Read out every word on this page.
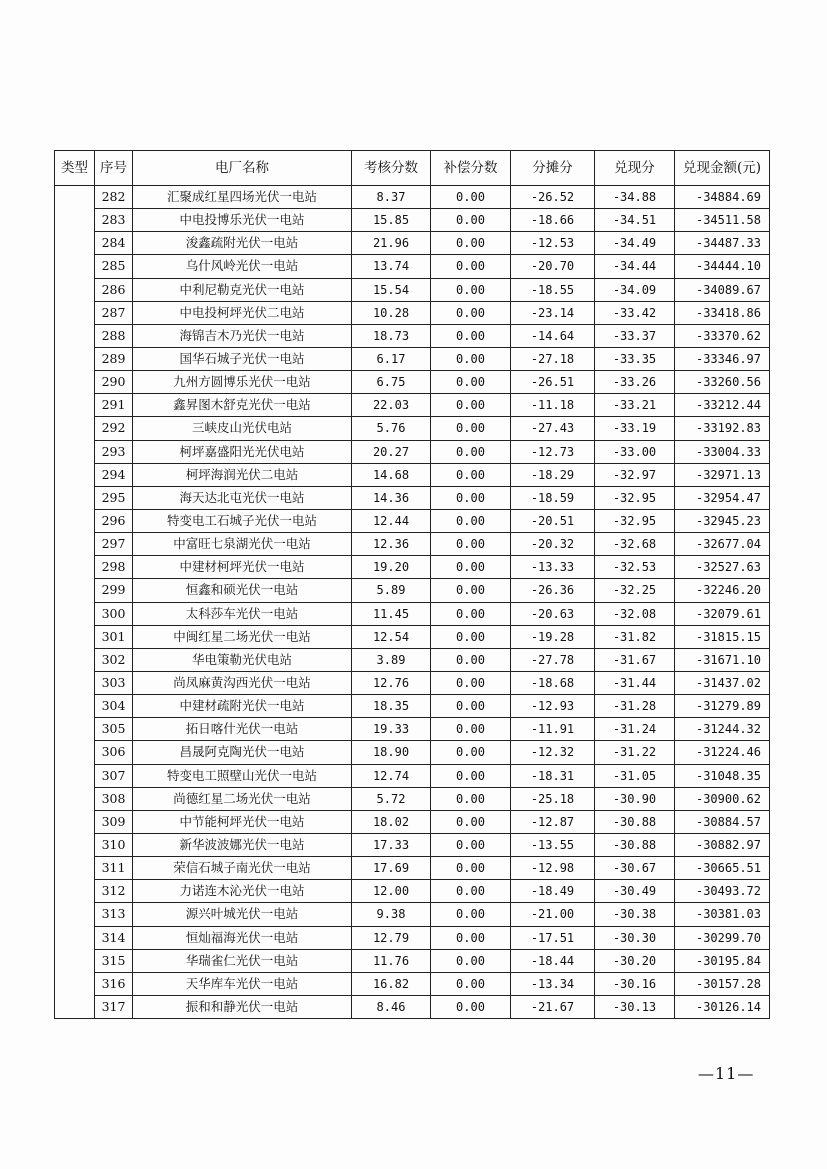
类型	序号	电厂名称	考核分数	补偿分数	分摊分	兑现分	兑现金额(元)
	282	汇聚成红星四场光伏一电站	8.37	0.00	-26.52	-34.88	-34884.69
	283	中电投博乐光伏一电站	15.85	0.00	-18.66	-34.51	-34511.58
	284	浚鑫疏附光伏一电站	21.96	0.00	-12.53	-34.49	-34487.33
	285	乌什风岭光伏一电站	13.74	0.00	-20.70	-34.44	-34444.10
	286	中利尼勒克光伏一电站	15.54	0.00	-18.55	-34.09	-34089.67
	287	中电投柯坪光伏二电站	10.28	0.00	-23.14	-33.42	-33418.86
	288	海锦吉木乃光伏一电站	18.73	0.00	-14.64	-33.37	-33370.62
	289	国华石城子光伏一电站	6.17	0.00	-27.18	-33.35	-33346.97
	290	九州方圆博乐光伏一电站	6.75	0.00	-26.51	-33.26	-33260.56
	291	鑫昇图木舒克光伏一电站	22.03	0.00	-11.18	-33.21	-33212.44
	292	三峡皮山光伏电站	5.76	0.00	-27.43	-33.19	-33192.83
	293	柯坪嘉盛阳光光伏电站	20.27	0.00	-12.73	-33.00	-33004.33
	294	柯坪海润光伏二电站	14.68	0.00	-18.29	-32.97	-32971.13
	295	海天达北屯光伏一电站	14.36	0.00	-18.59	-32.95	-32954.47
	296	特变电工石城子光伏一电站	12.44	0.00	-20.51	-32.95	-32945.23
	297	中富旺七泉湖光伏一电站	12.36	0.00	-20.32	-32.68	-32677.04
	298	中建材柯坪光伏一电站	19.20	0.00	-13.33	-32.53	-32527.63
	299	恒鑫和硕光伏一电站	5.89	0.00	-26.36	-32.25	-32246.20
	300	太科莎车光伏一电站	11.45	0.00	-20.63	-32.08	-32079.61
	301	中闽红星二场光伏一电站	12.54	0.00	-19.28	-31.82	-31815.15
	302	华电策勒光伏电站	3.89	0.00	-27.78	-31.67	-31671.10
	303	尚凤麻黄沟西光伏一电站	12.76	0.00	-18.68	-31.44	-31437.02
	304	中建材疏附光伏一电站	18.35	0.00	-12.93	-31.28	-31279.89
	305	拓日喀什光伏一电站	19.33	0.00	-11.91	-31.24	-31244.32
	306	昌晟阿克陶光伏一电站	18.90	0.00	-12.32	-31.22	-31224.46
	307	特变电工照壁山光伏一电站	12.74	0.00	-18.31	-31.05	-31048.35
	308	尚德红星二场光伏一电站	5.72	0.00	-25.18	-30.90	-30900.62
	309	中节能柯坪光伏一电站	18.02	0.00	-12.87	-30.88	-30884.57
	310	新华波波娜光伏一电站	17.33	0.00	-13.55	-30.88	-30882.97
	311	荣信石城子南光伏一电站	17.69	0.00	-12.98	-30.67	-30665.51
	312	力诺连木沁光伏一电站	12.00	0.00	-18.49	-30.49	-30493.72
	313	源兴叶城光伏一电站	9.38	0.00	-21.00	-30.38	-30381.03
	314	恒灿福海光伏一电站	12.79	0.00	-17.51	-30.30	-30299.70
	315	华瑞雀仁光伏一电站	11.76	0.00	-18.44	-30.20	-30195.84
	316	天华库车光伏一电站	16.82	0.00	-13.34	-30.16	-30157.28
	317	振和和静光伏一电站	8.46	0.00	-21.67	-30.13	-30126.14
—11—
